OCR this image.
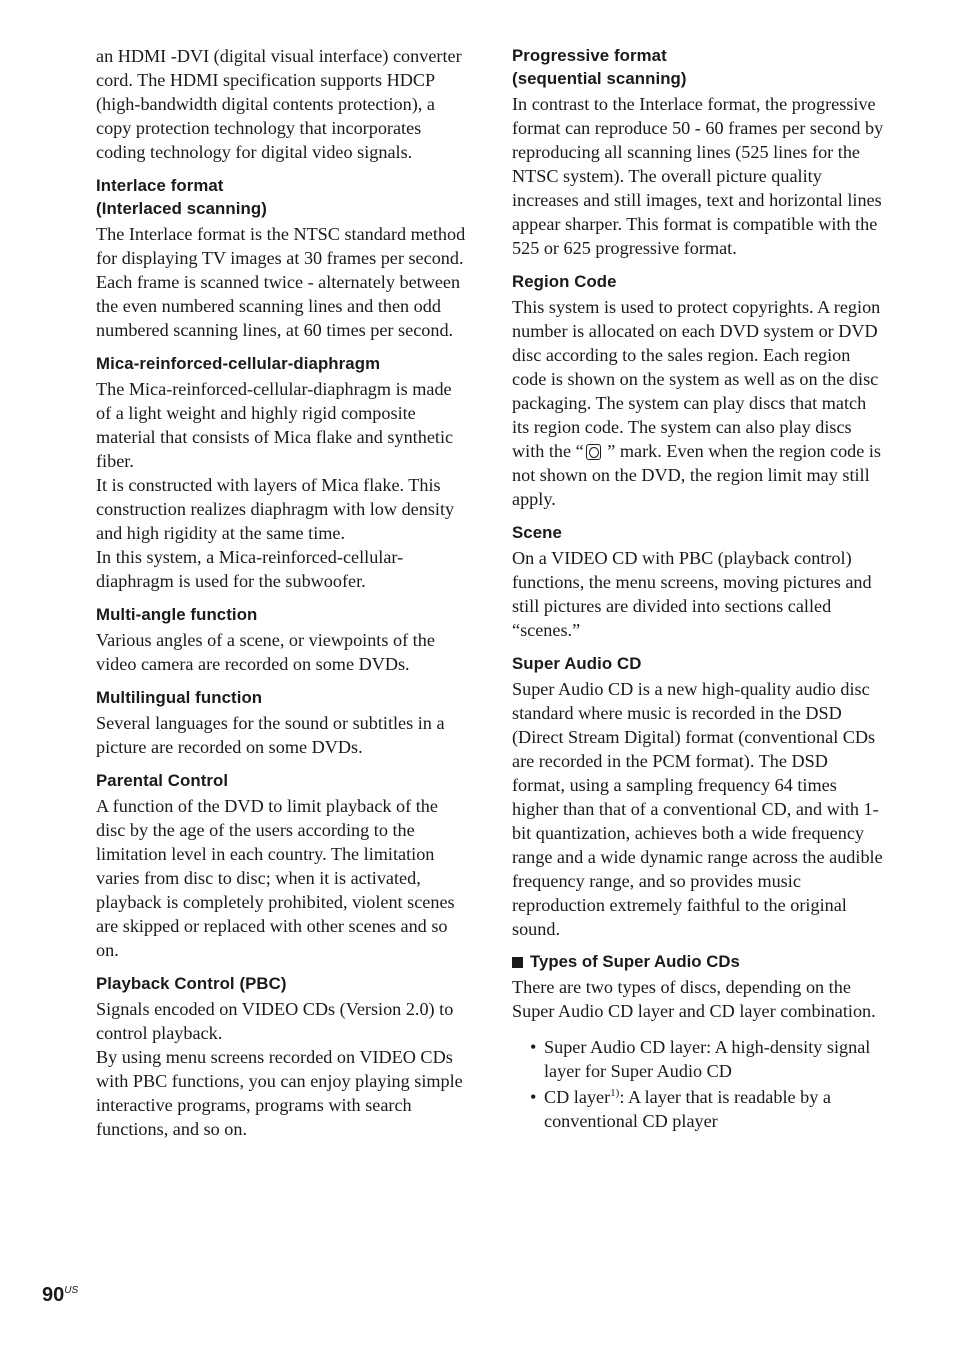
an HDMI -DVI (digital visual interface) converter cord. The HDMI specification supports HDCP (high-bandwidth digital contents protection), a copy protection technology that incorporates coding technology for digital video signals.

Interlace format
(Interlaced scanning)

The Interlace format is the NTSC standard method for displaying TV images at 30 frames per second. Each frame is scanned twice - alternately between the even numbered scanning lines and then odd numbered scanning lines, at 60 times per second.

Mica-reinforced-cellular-diaphragm

The Mica-reinforced-cellular-diaphragm is made of a light weight and highly rigid composite material that consists of Mica flake and synthetic fiber.

It is constructed with layers of Mica flake. This construction realizes diaphragm with low density and high rigidity at the same time.

In this system, a Mica-reinforced-cellular-diaphragm is used for the subwoofer.

Multi-angle function

Various angles of a scene, or viewpoints of the video camera are recorded on some DVDs.

Multilingual function

Several languages for the sound or subtitles in a picture are recorded on some DVDs.

Parental Control

A function of the DVD to limit playback of the disc by the age of the users according to the limitation level in each country. The limitation varies from disc to disc; when it is activated, playback is completely prohibited, violent scenes are skipped or replaced with other scenes and so on.

Playback Control (PBC)

Signals encoded on VIDEO CDs (Version 2.0) to control playback.

By using menu screens recorded on VIDEO CDs with PBC functions, you can enjoy playing simple interactive programs, programs with search functions, and so on.

Progressive format
(sequential scanning)

In contrast to the Interlace format, the progressive format can reproduce 50 - 60 frames per second by reproducing all scanning lines (525 lines for the NTSC system). The overall picture quality increases and still images, text and horizontal lines appear sharper. This format is compatible with the 525 or 625 progressive format.

Region Code

This system is used to protect copyrights. A region number is allocated on each DVD system or DVD disc according to the sales region. Each region code is shown on the system as well as on the disc packaging. The system can play discs that match its region code. The system can also play discs with the “ ” mark. Even when the region code is not shown on the DVD, the region limit may still apply.

Scene

On a VIDEO CD with PBC (playback control) functions, the menu screens, moving pictures and still pictures are divided into sections called “scenes.”

Super Audio CD

Super Audio CD is a new high-quality audio disc standard where music is recorded in the DSD (Direct Stream Digital) format (conventional CDs are recorded in the PCM format). The DSD format, using a sampling frequency 64 times higher than that of a conventional CD, and with 1-bit quantization, achieves both a wide frequency range and a wide dynamic range across the audible frequency range, and so provides music reproduction extremely faithful to the original sound.

Types of Super Audio CDs

There are two types of discs, depending on the Super Audio CD layer and CD layer combination.

• Super Audio CD layer: A high-density signal layer for Super Audio CD
• CD layer$^{1)}$: A layer that is readable by a conventional CD player
$90^{US}$
